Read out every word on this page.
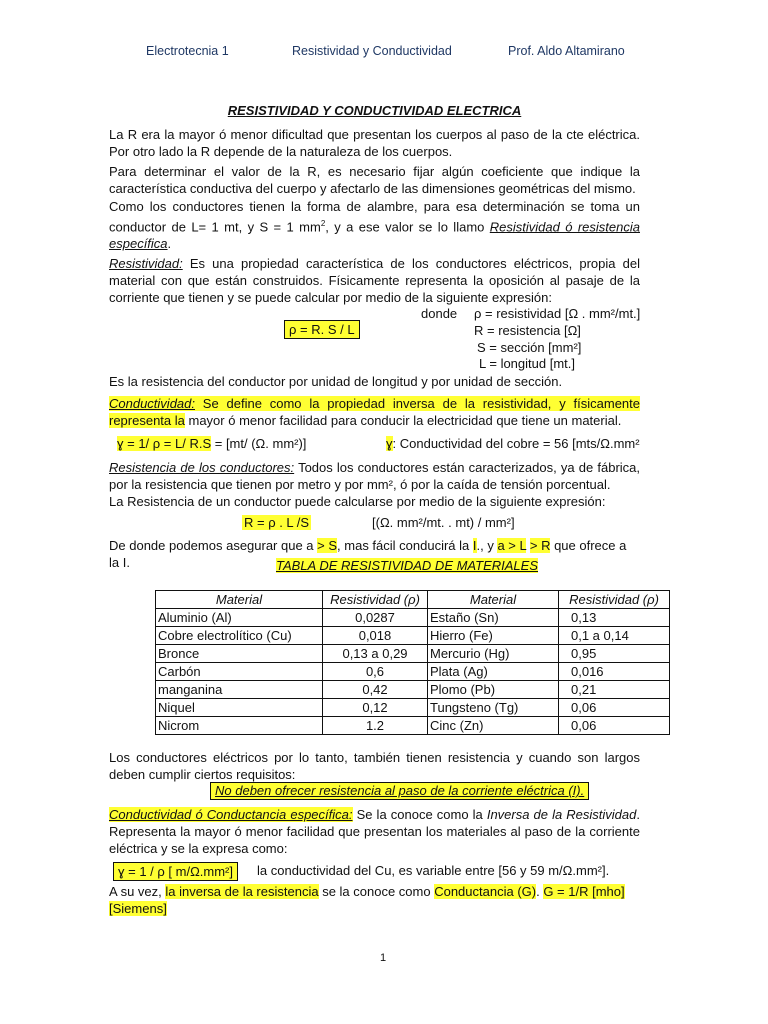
Electrotecnia 1	Resistividad y Conductividad	Prof. Aldo Altamirano
RESISTIVIDAD Y CONDUCTIVIDAD ELECTRICA

La R era la mayor ó menor dificultad que presentan los cuerpos al paso de la cte eléctrica. Por otro lado la R depende de la naturaleza de los cuerpos.

Para determinar el valor de la R, es necesario fijar algún coeficiente que indique la característica conductiva del cuerpo y afectarlo de las dimensiones geométricas del mismo.

Como los conductores tienen la forma de alambre, para esa determinación se toma un conductor de L= 1 mt, y S = 1 $mm^2$, y a ese valor se lo llamo Resistividad ó resistencia específica.

Resistividad: Es una propiedad característica de los conductores eléctricos, propia del material con que están construidos. Físicamente representa la oposición al pasaje de la corriente que tienen y se puede calcular por medio de la siguiente expresión:

donde
ρ = R. S / L
ρ = resistividad [Ω . mm²/mt.]
R = resistencia [Ω]
S = sección [mm²]
L = longitud [mt.]

Es la resistencia del conductor por unidad de longitud y por unidad de sección.

Conductividad: Se define como la propiedad inversa de la resistividad, y físicamente representa la mayor ó menor facilidad para conducir la electricidad que tiene un material.

ɣ = 1/ ρ = L/ R.S = [mt/ (Ω. mm²)]	ɣ: Conductividad del cobre = 56 [mts/Ω.mm²

Resistencia de los conductores: Todos los conductores están caracterizados, ya de fábrica, por la resistencia que tienen por metro y por mm², ó por la caída de tensión porcentual.

La Resistencia de un conductor puede calcularse por medio de la siguiente expresión:

R = ρ . L /S	[(Ω. mm²/mt. . mt) / mm²]

De donde podemos asegurar que a > S, mas fácil conducirá la I., y a > L > R que ofrece a la I.	TABLA DE RESISTIVIDAD DE MATERIALES
Material	Resistividad (ρ)	Material	Resistividad (ρ)
Aluminio (Al)	0,0287	Estaño (Sn)	0,13
Cobre electrolítico (Cu)	0,018	Hierro (Fe)	0,1 a 0,14
Bronce	0,13 a 0,29	Mercurio (Hg)	0,95
Carbón	0,6	Plata (Ag)	0,016
manganina	0,42	Plomo (Pb)	0,21
Niquel	0,12	Tungsteno (Tg)	0,06
Nicrom	1.2	Cinc (Zn)	0,06

Los conductores eléctricos por lo tanto, también tienen resistencia y cuando son largos deben cumplir ciertos requisitos:

No deben ofrecer resistencia al paso de la corriente eléctrica (I).

Conductividad ó Conductancia específica: Se la conoce como la Inversa de la Resistividad. Representa la mayor ó menor facilidad que presentan los materiales al paso de la corriente eléctrica y se la expresa como:

ɣ = 1 / ρ [ m/Ω.mm²]	la conductividad del Cu, es variable entre [56 y 59 m/Ω.mm²].

A su vez, la inversa de la resistencia se la conoce como Conductancia (G). G = 1/R [mho] [Siemens]

1
